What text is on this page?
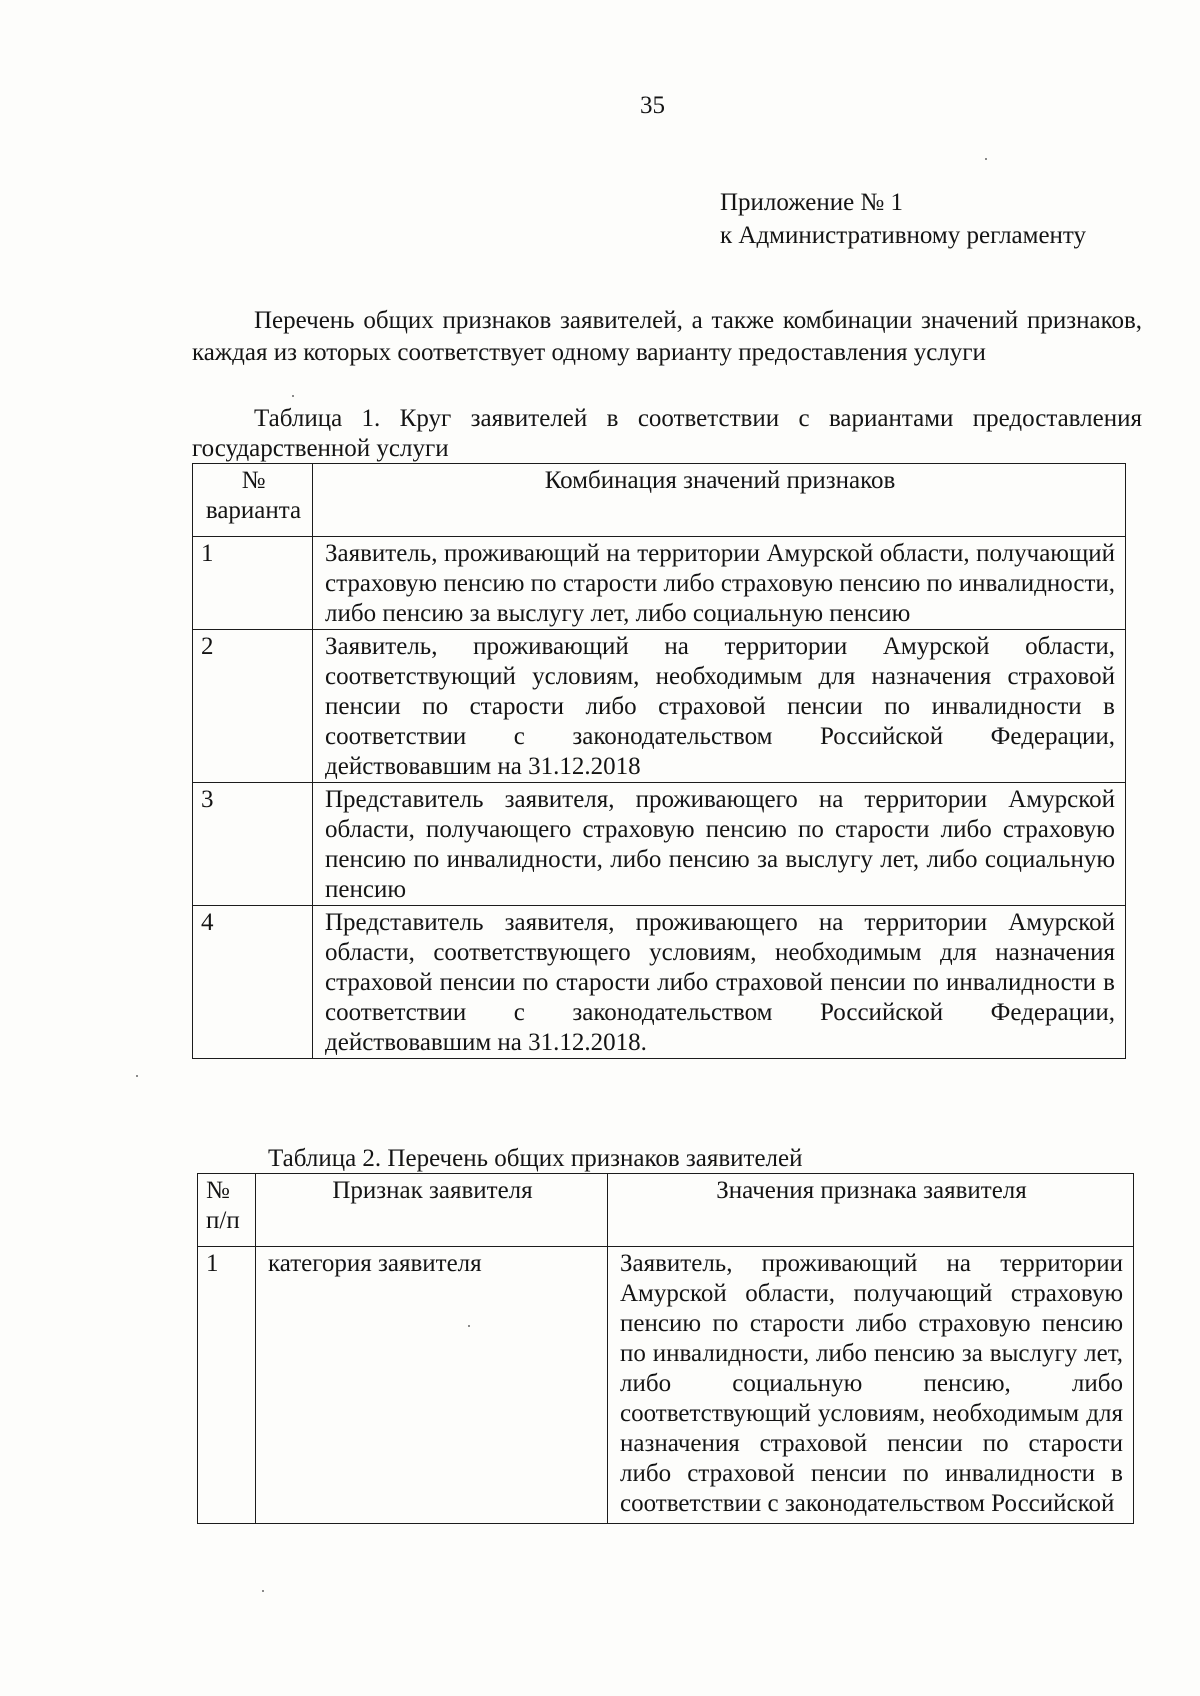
35
Приложение № 1
к Административному регламенту
Перечень общих признаков заявителей, а также комбинации значений признаков, каждая из которых соответствует одному варианту предоставления услуги
Таблица 1. Круг заявителей в соответствии с вариантами предоставления государственной услуги
№
варианта	Комбинация значений признаков
1	Заявитель, проживающий на территории Амурской области, получающий страховую пенсию по старости либо страховую пенсию по инвалидности, либо пенсию за выслугу лет, либо социальную пенсию
2	Заявитель, проживающий на территории Амурской области, соответствующий условиям, необходимым для назначения страховой пенсии по старости либо страховой пенсии по инвалидности в соответствии с законодательством Российской Федерации, действовавшим на 31.12.2018
3	Представитель заявителя, проживающего на территории Амурской области, получающего страховую пенсию по старости либо страховую пенсию по инвалидности, либо пенсию за выслугу лет, либо социальную пенсию
4	Представитель заявителя, проживающего на территории Амурской области, соответствующего условиям, необходимым для назначения страховой пенсии по старости либо страховой пенсии по инвалидности в соответствии с законодательством Российской Федерации, действовавшим на 31.12.2018.
Таблица 2. Перечень общих признаков заявителей
№
п/п	Признак заявителя	Значения признака заявителя
1	категория заявителя	Заявитель, проживающий на территории Амурской области, получающий страховую пенсию по старости либо страховую пенсию по инвалидности, либо пенсию за выслугу лет, либо социальную пенсию, либо соответствующий условиям, необходимым для назначения страховой пенсии по старости либо страховой пенсии по инвалидности в соответствии с законодательством Российской
